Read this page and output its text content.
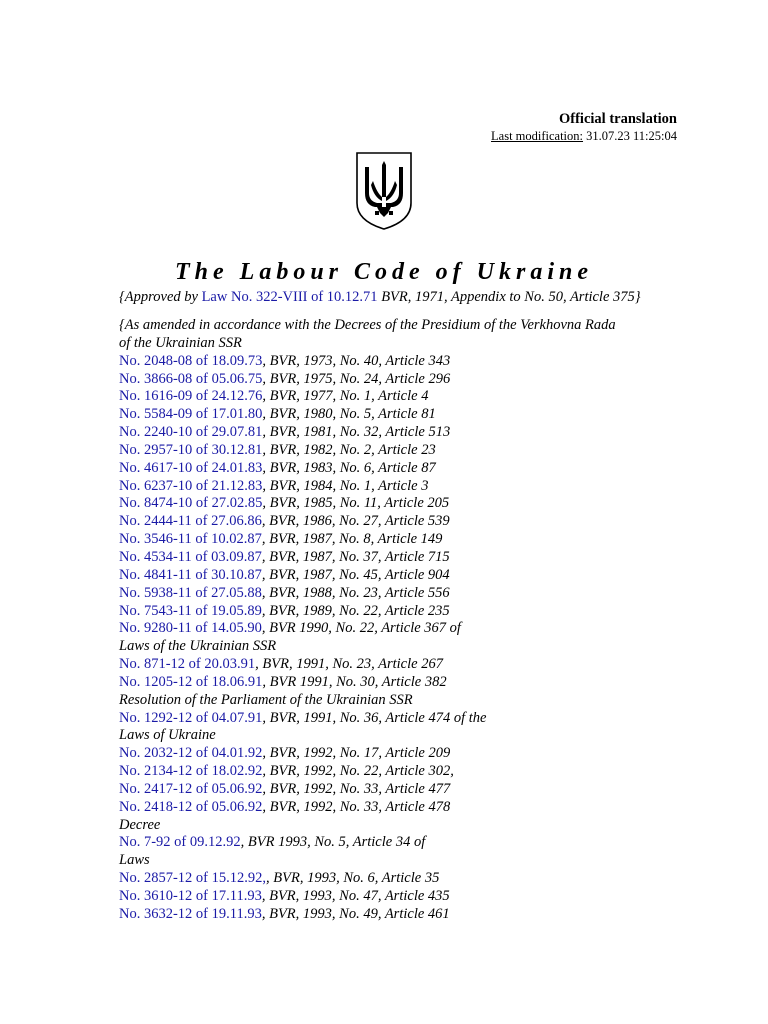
Official translation
Last modification: 31.07.23 11:25:04
The Labour Code of Ukraine
{Approved by Law No. 322-VIII of 10.12.71 BVR, 1971, Appendix to No. 50, Article 375}
{As amended in accordance with the Decrees of the Presidium of the Verkhovna Rada
of the Ukrainian SSR
No. 2048-08 of 18.09.73, BVR, 1973, No. 40, Article 343
No. 3866-08 of 05.06.75, BVR, 1975, No. 24, Article 296
No. 1616-09 of 24.12.76, BVR, 1977, No. 1, Article 4
No. 5584-09 of 17.01.80, BVR, 1980, No. 5, Article 81
No. 2240-10 of 29.07.81, BVR, 1981, No. 32, Article 513
No. 2957-10 of 30.12.81, BVR, 1982, No. 2, Article 23
No. 4617-10 of 24.01.83, BVR, 1983, No. 6, Article 87
No. 6237-10 of 21.12.83, BVR, 1984, No. 1, Article 3
No. 8474-10 of 27.02.85, BVR, 1985, No. 11, Article 205
No. 2444-11 of 27.06.86, BVR, 1986, No. 27, Article 539
No. 3546-11 of 10.02.87, BVR, 1987, No. 8, Article 149
No. 4534-11 of 03.09.87, BVR, 1987, No. 37, Article 715
No. 4841-11 of 30.10.87, BVR, 1987, No. 45, Article 904
No. 5938-11 of 27.05.88, BVR, 1988, No. 23, Article 556
No. 7543-11 of 19.05.89, BVR, 1989, No. 22, Article 235
No. 9280-11 of 14.05.90, BVR 1990, No. 22, Article 367 of
Laws of the Ukrainian SSR
No. 871-12 of 20.03.91, BVR, 1991, No. 23, Article 267
No. 1205-12 of 18.06.91, BVR 1991, No. 30, Article 382
Resolution of the Parliament of the Ukrainian SSR
No. 1292-12 of 04.07.91, BVR, 1991, No. 36, Article 474 of the
Laws of Ukraine
No. 2032-12 of 04.01.92, BVR, 1992, No. 17, Article 209
No. 2134-12 of 18.02.92, BVR, 1992, No. 22, Article 302,
No. 2417-12 of 05.06.92, BVR, 1992, No. 33, Article 477
No. 2418-12 of 05.06.92, BVR, 1992, No. 33, Article 478
Decree
No. 7-92 of 09.12.92, BVR 1993, No. 5, Article 34 of
Laws
No. 2857-12 of 15.12.92,, BVR, 1993, No. 6, Article 35
No. 3610-12 of 17.11.93, BVR, 1993, No. 47, Article 435
No. 3632-12 of 19.11.93, BVR, 1993, No. 49, Article 461
